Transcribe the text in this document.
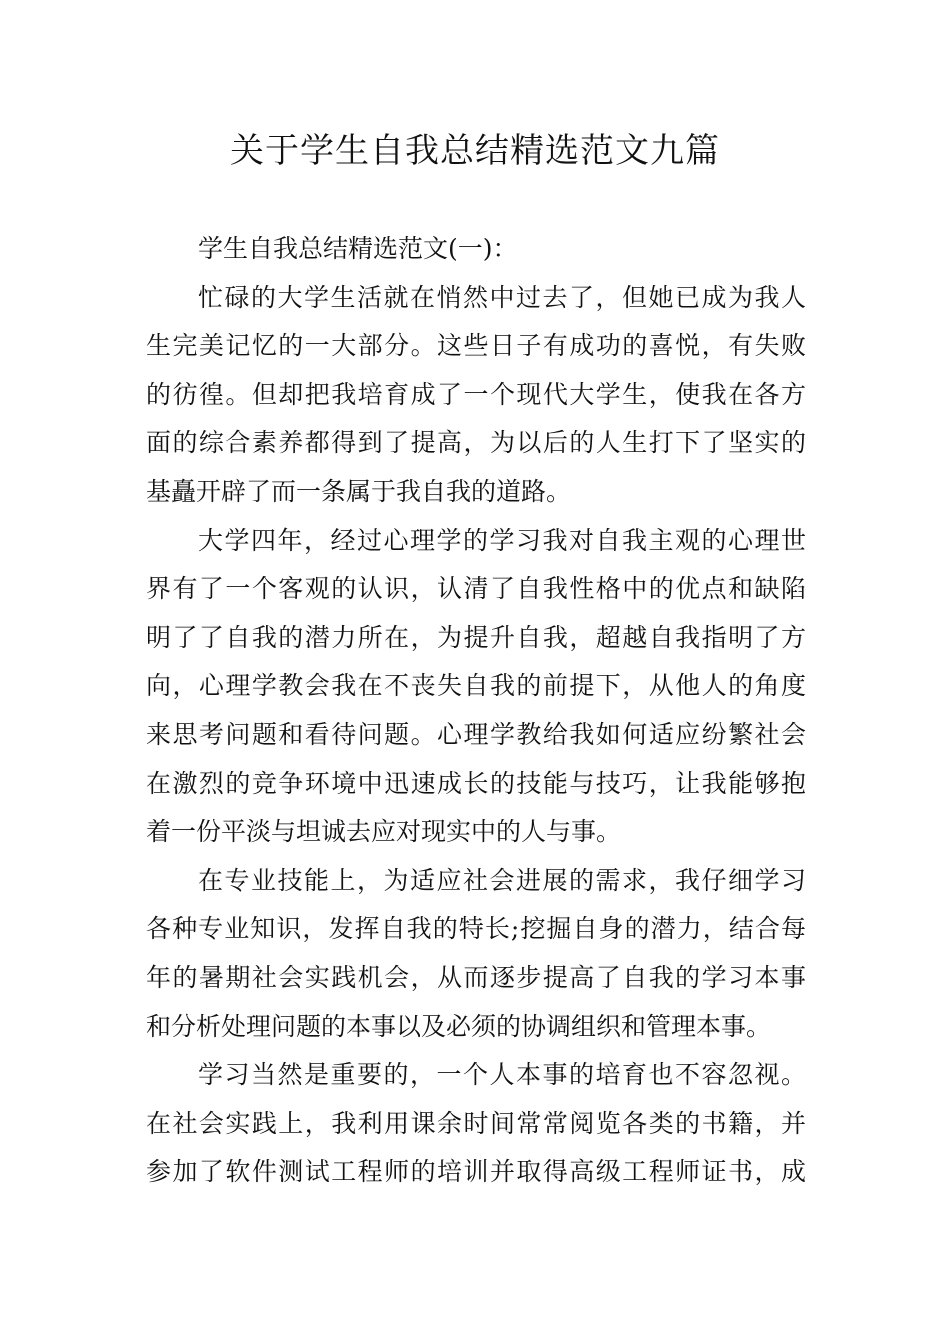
关于学生自我总结精选范文九篇
学生自我总结精选范文(一)：
忙碌的大学生活就在悄然中过去了，但她已成为我人
生完美记忆的一大部分。这些日子有成功的喜悦，有失败
的彷徨。但却把我培育成了一个现代大学生，使我在各方
面的综合素养都得到了提高，为以后的人生打下了坚实的
基矗开辟了而一条属于我自我的道路。
大学四年，经过心理学的学习我对自我主观的心理世
界有了一个客观的认识，认清了自我性格中的优点和缺陷
明了了自我的潜力所在，为提升自我，超越自我指明了方
向，心理学教会我在不丧失自我的前提下，从他人的角度
来思考问题和看待问题。心理学教给我如何适应纷繁社会
在激烈的竞争环境中迅速成长的技能与技巧，让我能够抱
着一份平淡与坦诚去应对现实中的人与事。
在专业技能上，为适应社会进展的需求，我仔细学习
各种专业知识，发挥自我的特长;挖掘自身的潜力，结合每
年的暑期社会实践机会，从而逐步提高了自我的学习本事
和分析处理问题的本事以及必须的协调组织和管理本事。
学习当然是重要的，一个人本事的培育也不容忽视。
在社会实践上，我利用课余时间常常阅览各类的书籍，并
参加了软件测试工程师的培训并取得高级工程师证书，成
